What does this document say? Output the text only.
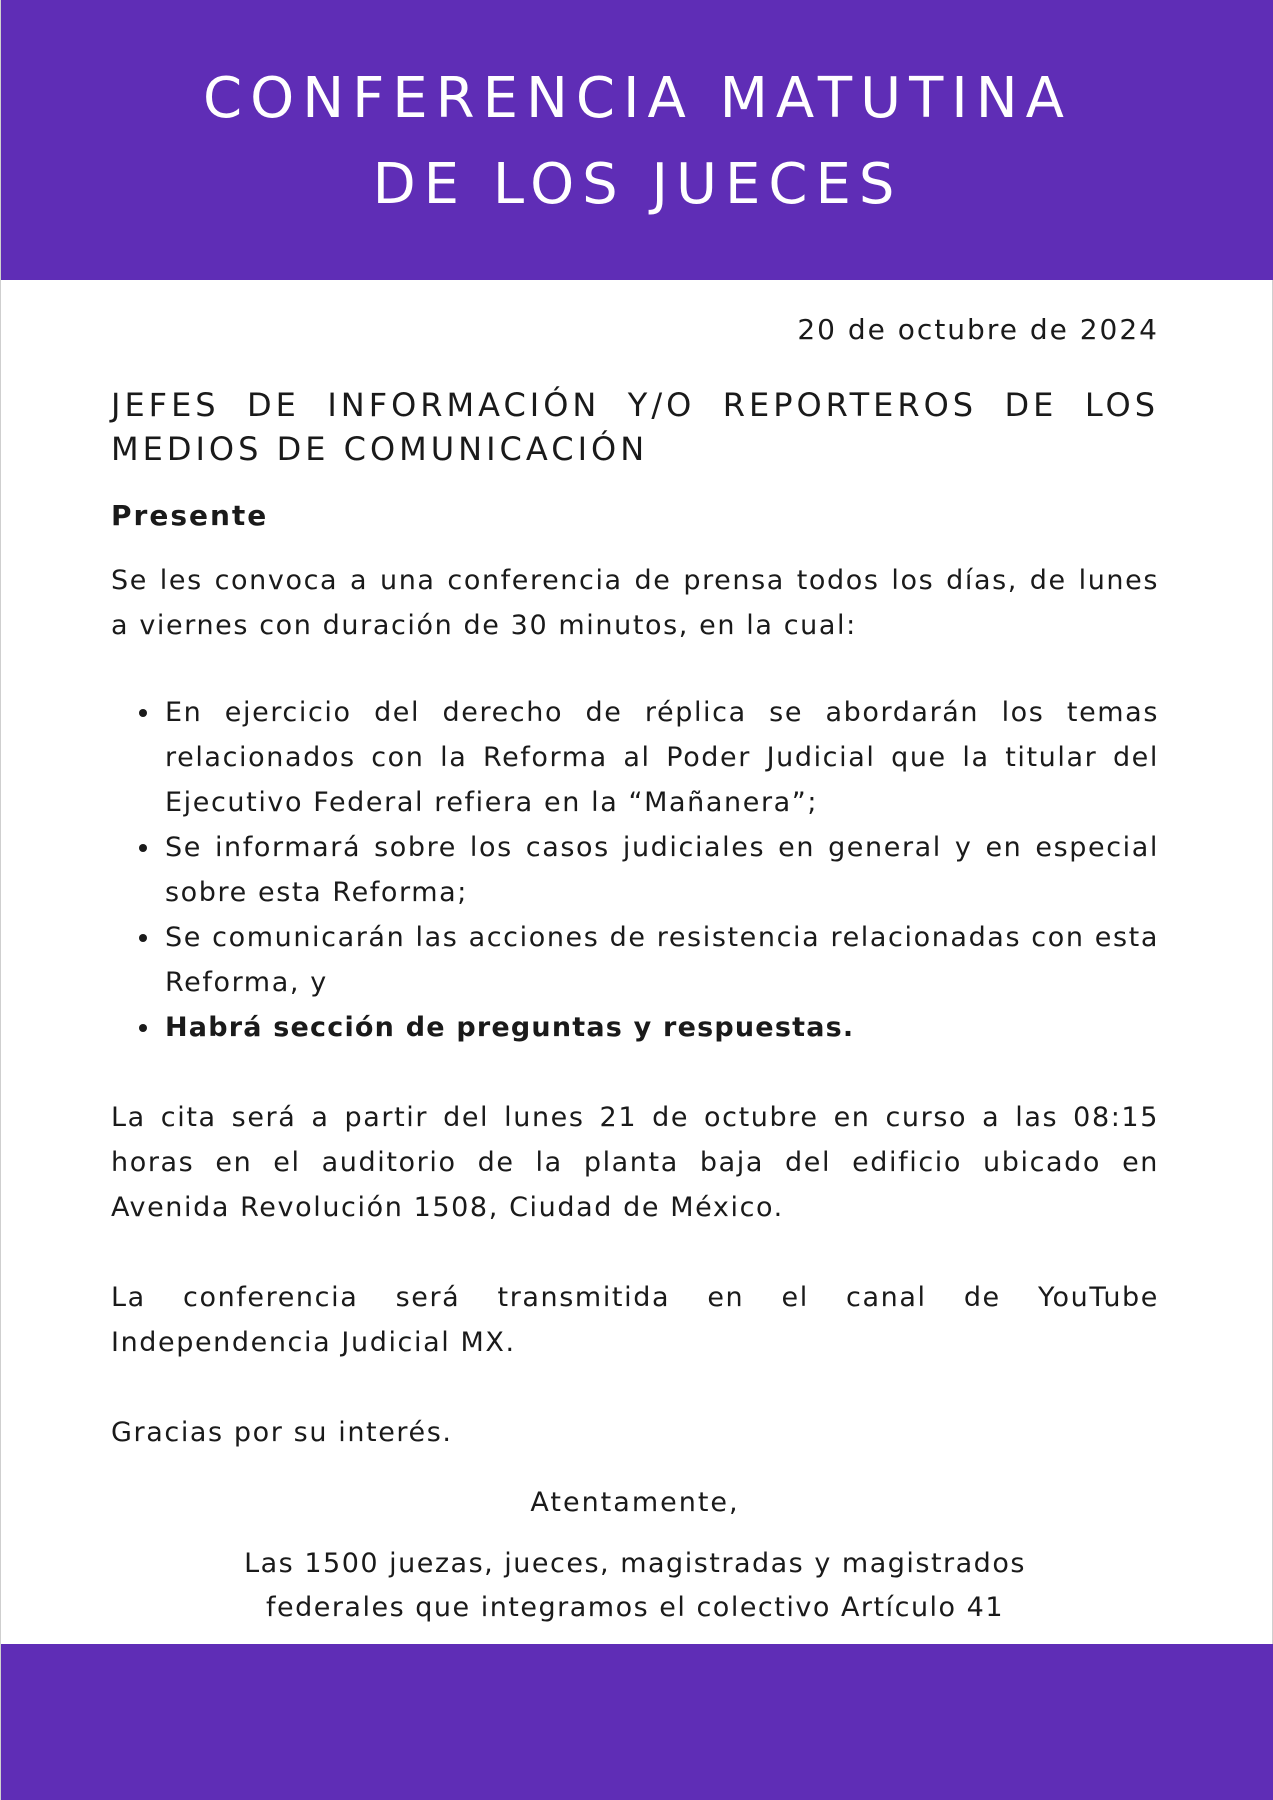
CONFERENCIA MATUTINA
DE LOS JUECES
20 de octubre de 2024
JEFES DE INFORMACIÓN Y/O REPORTEROS DE LOS MEDIOS DE COMUNICACIÓN
Presente
Se les convoca a una conferencia de prensa todos los días, de lunes a viernes con duración de 30 minutos, en la cual:
En ejercicio del derecho de réplica se abordarán los temas relacionados con la Reforma al Poder Judicial que la titular del Ejecutivo Federal refiera en la “Mañanera”;
Se informará sobre los casos judiciales en general y en especial sobre esta Reforma;
Se comunicarán las acciones de resistencia relacionadas con esta Reforma, y
Habrá sección de preguntas y respuestas.
La cita será a partir del lunes 21 de octubre en curso a las 08:15 horas en el auditorio de la planta baja del edificio ubicado en Avenida Revolución 1508, Ciudad de México.
La conferencia será transmitida en el canal de YouTube Independencia Judicial MX.
Gracias por su interés.
Atentamente,
Las 1500 juezas, jueces, magistradas y magistrados
federales que integramos el colectivo Artículo 41
